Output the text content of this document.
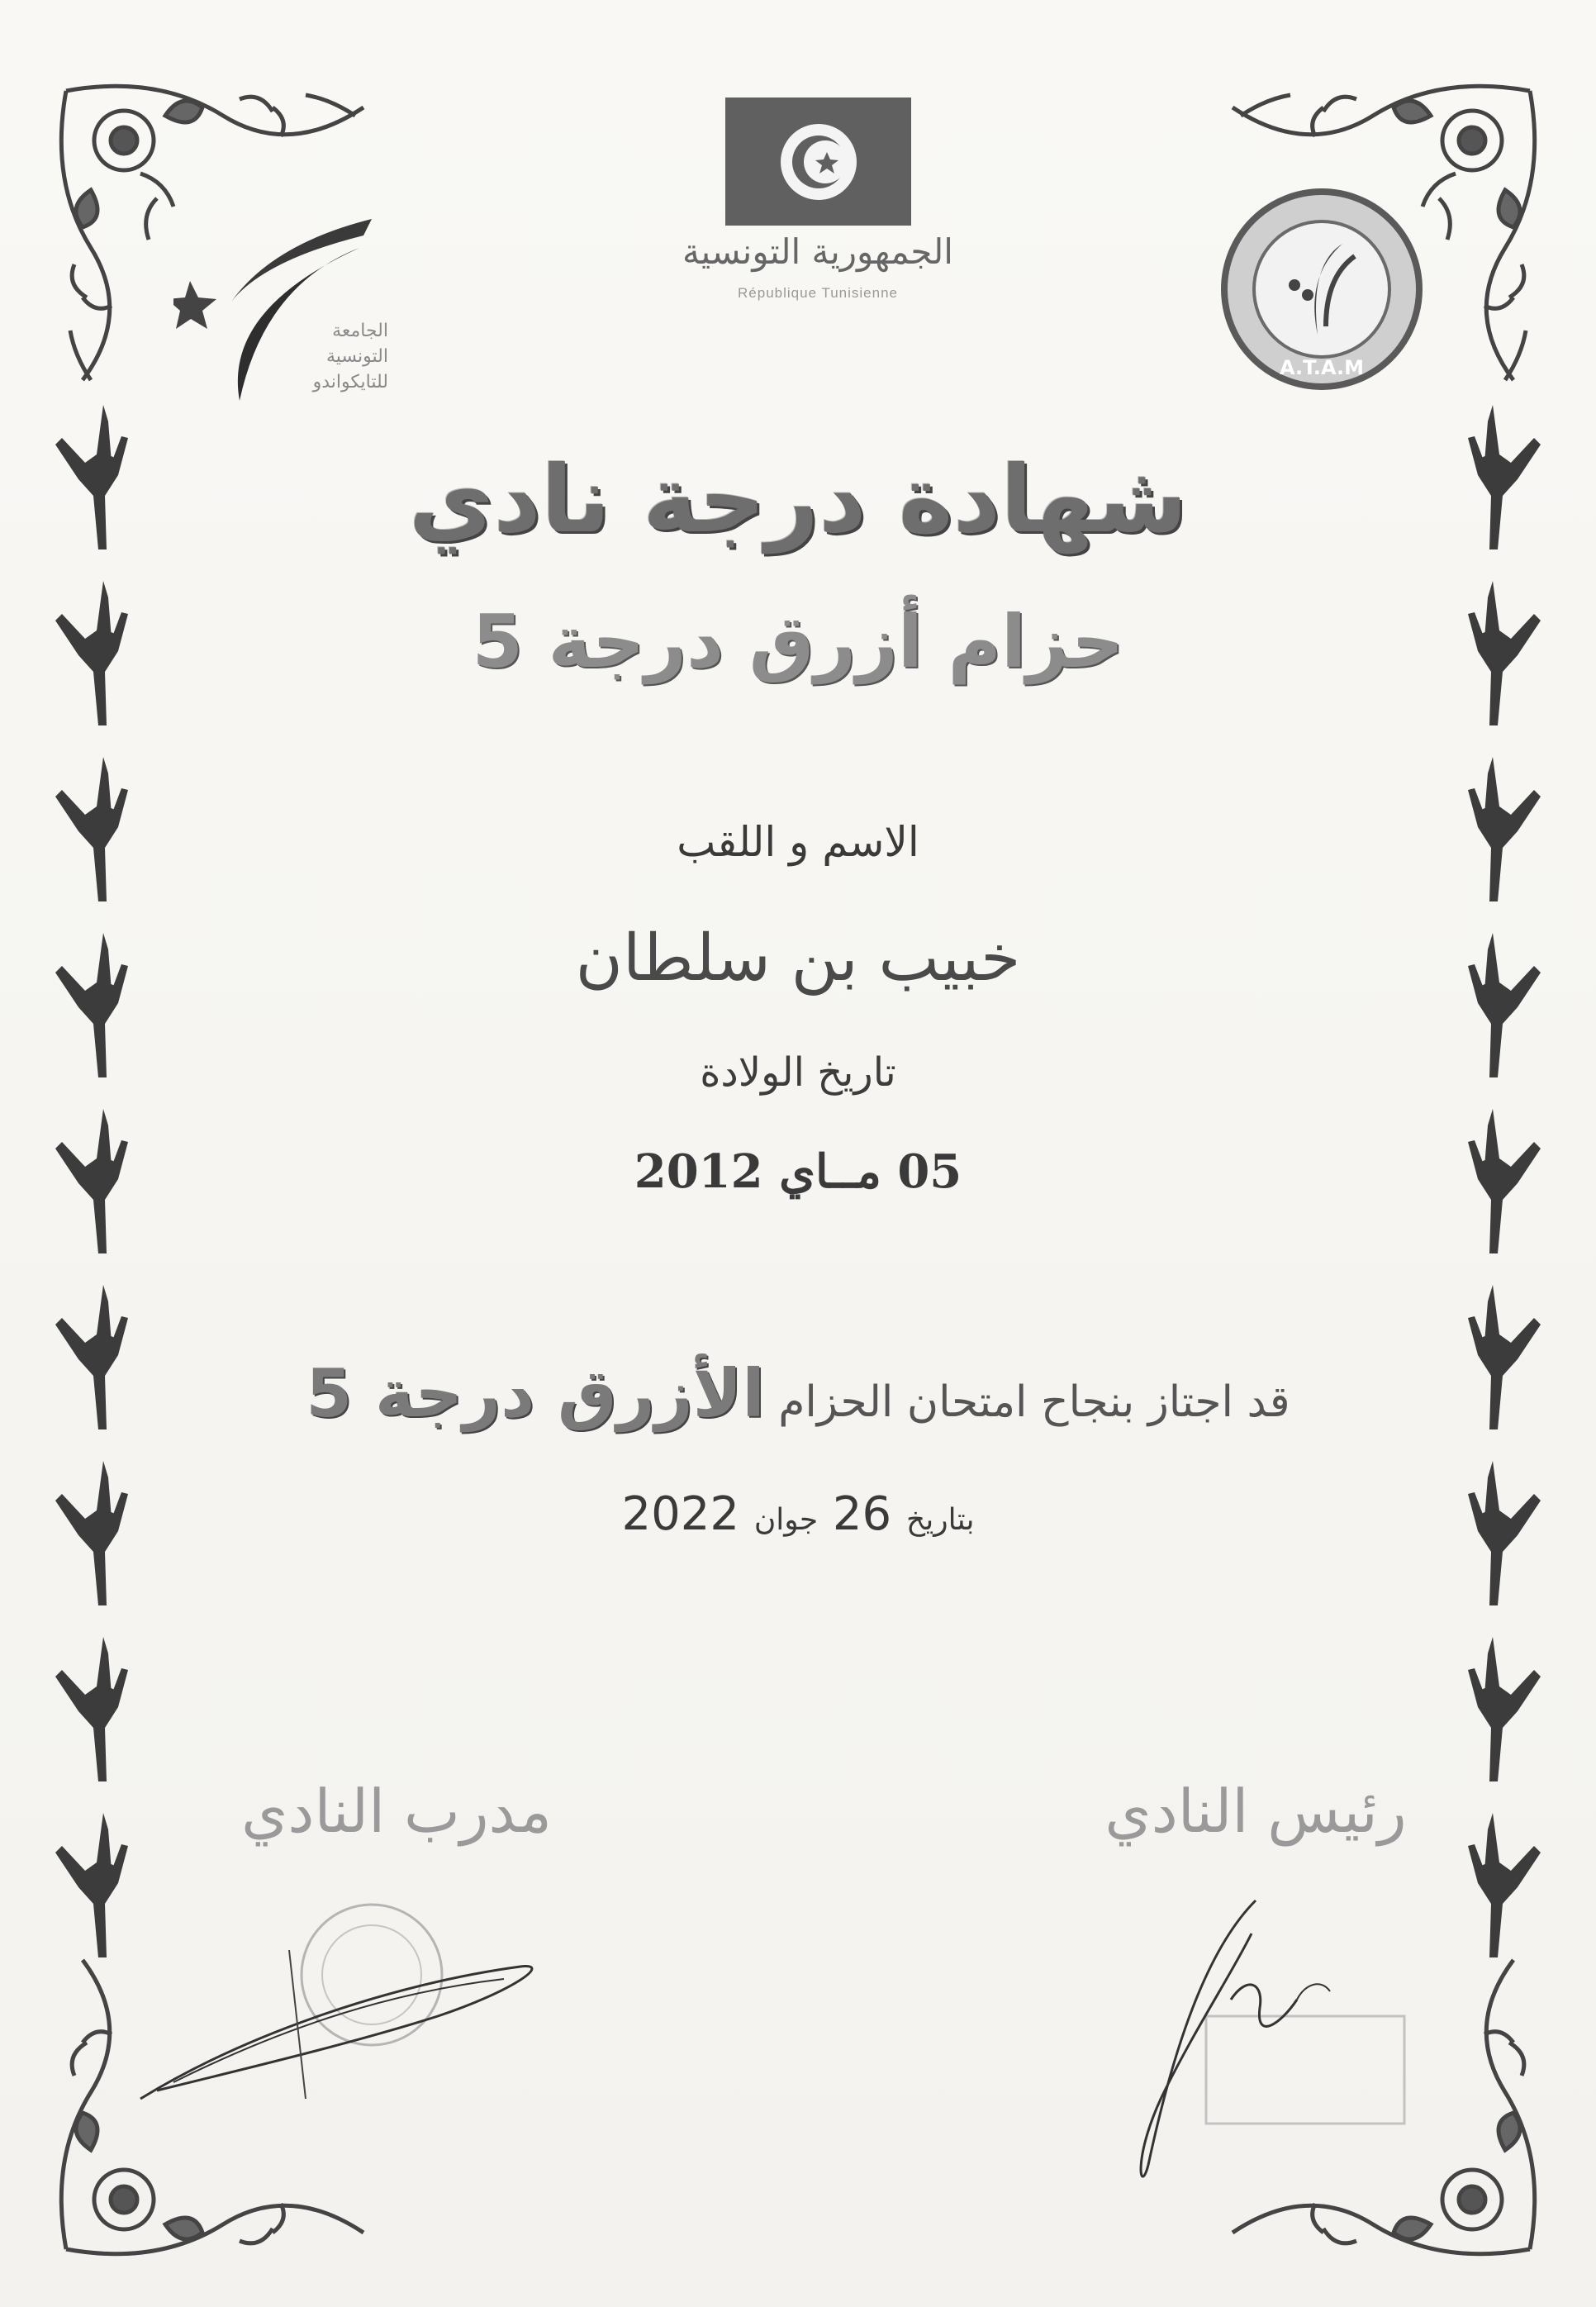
الجامعة
التونسية
للتايكواندو
الجمهورية التونسية
République Tunisienne
A.T.A.M
شهادة درجة نادي
حزام أزرق درجة 5
الاسم و اللقب
خبيب بن سلطان
تاريخ الولادة
05 مــاي 2012
قد اجتاز بنجاح امتحان الحزام الأزرق درجة 5
بتاريخ 26 جوان 2022
مدرب النادي	رئيس النادي
